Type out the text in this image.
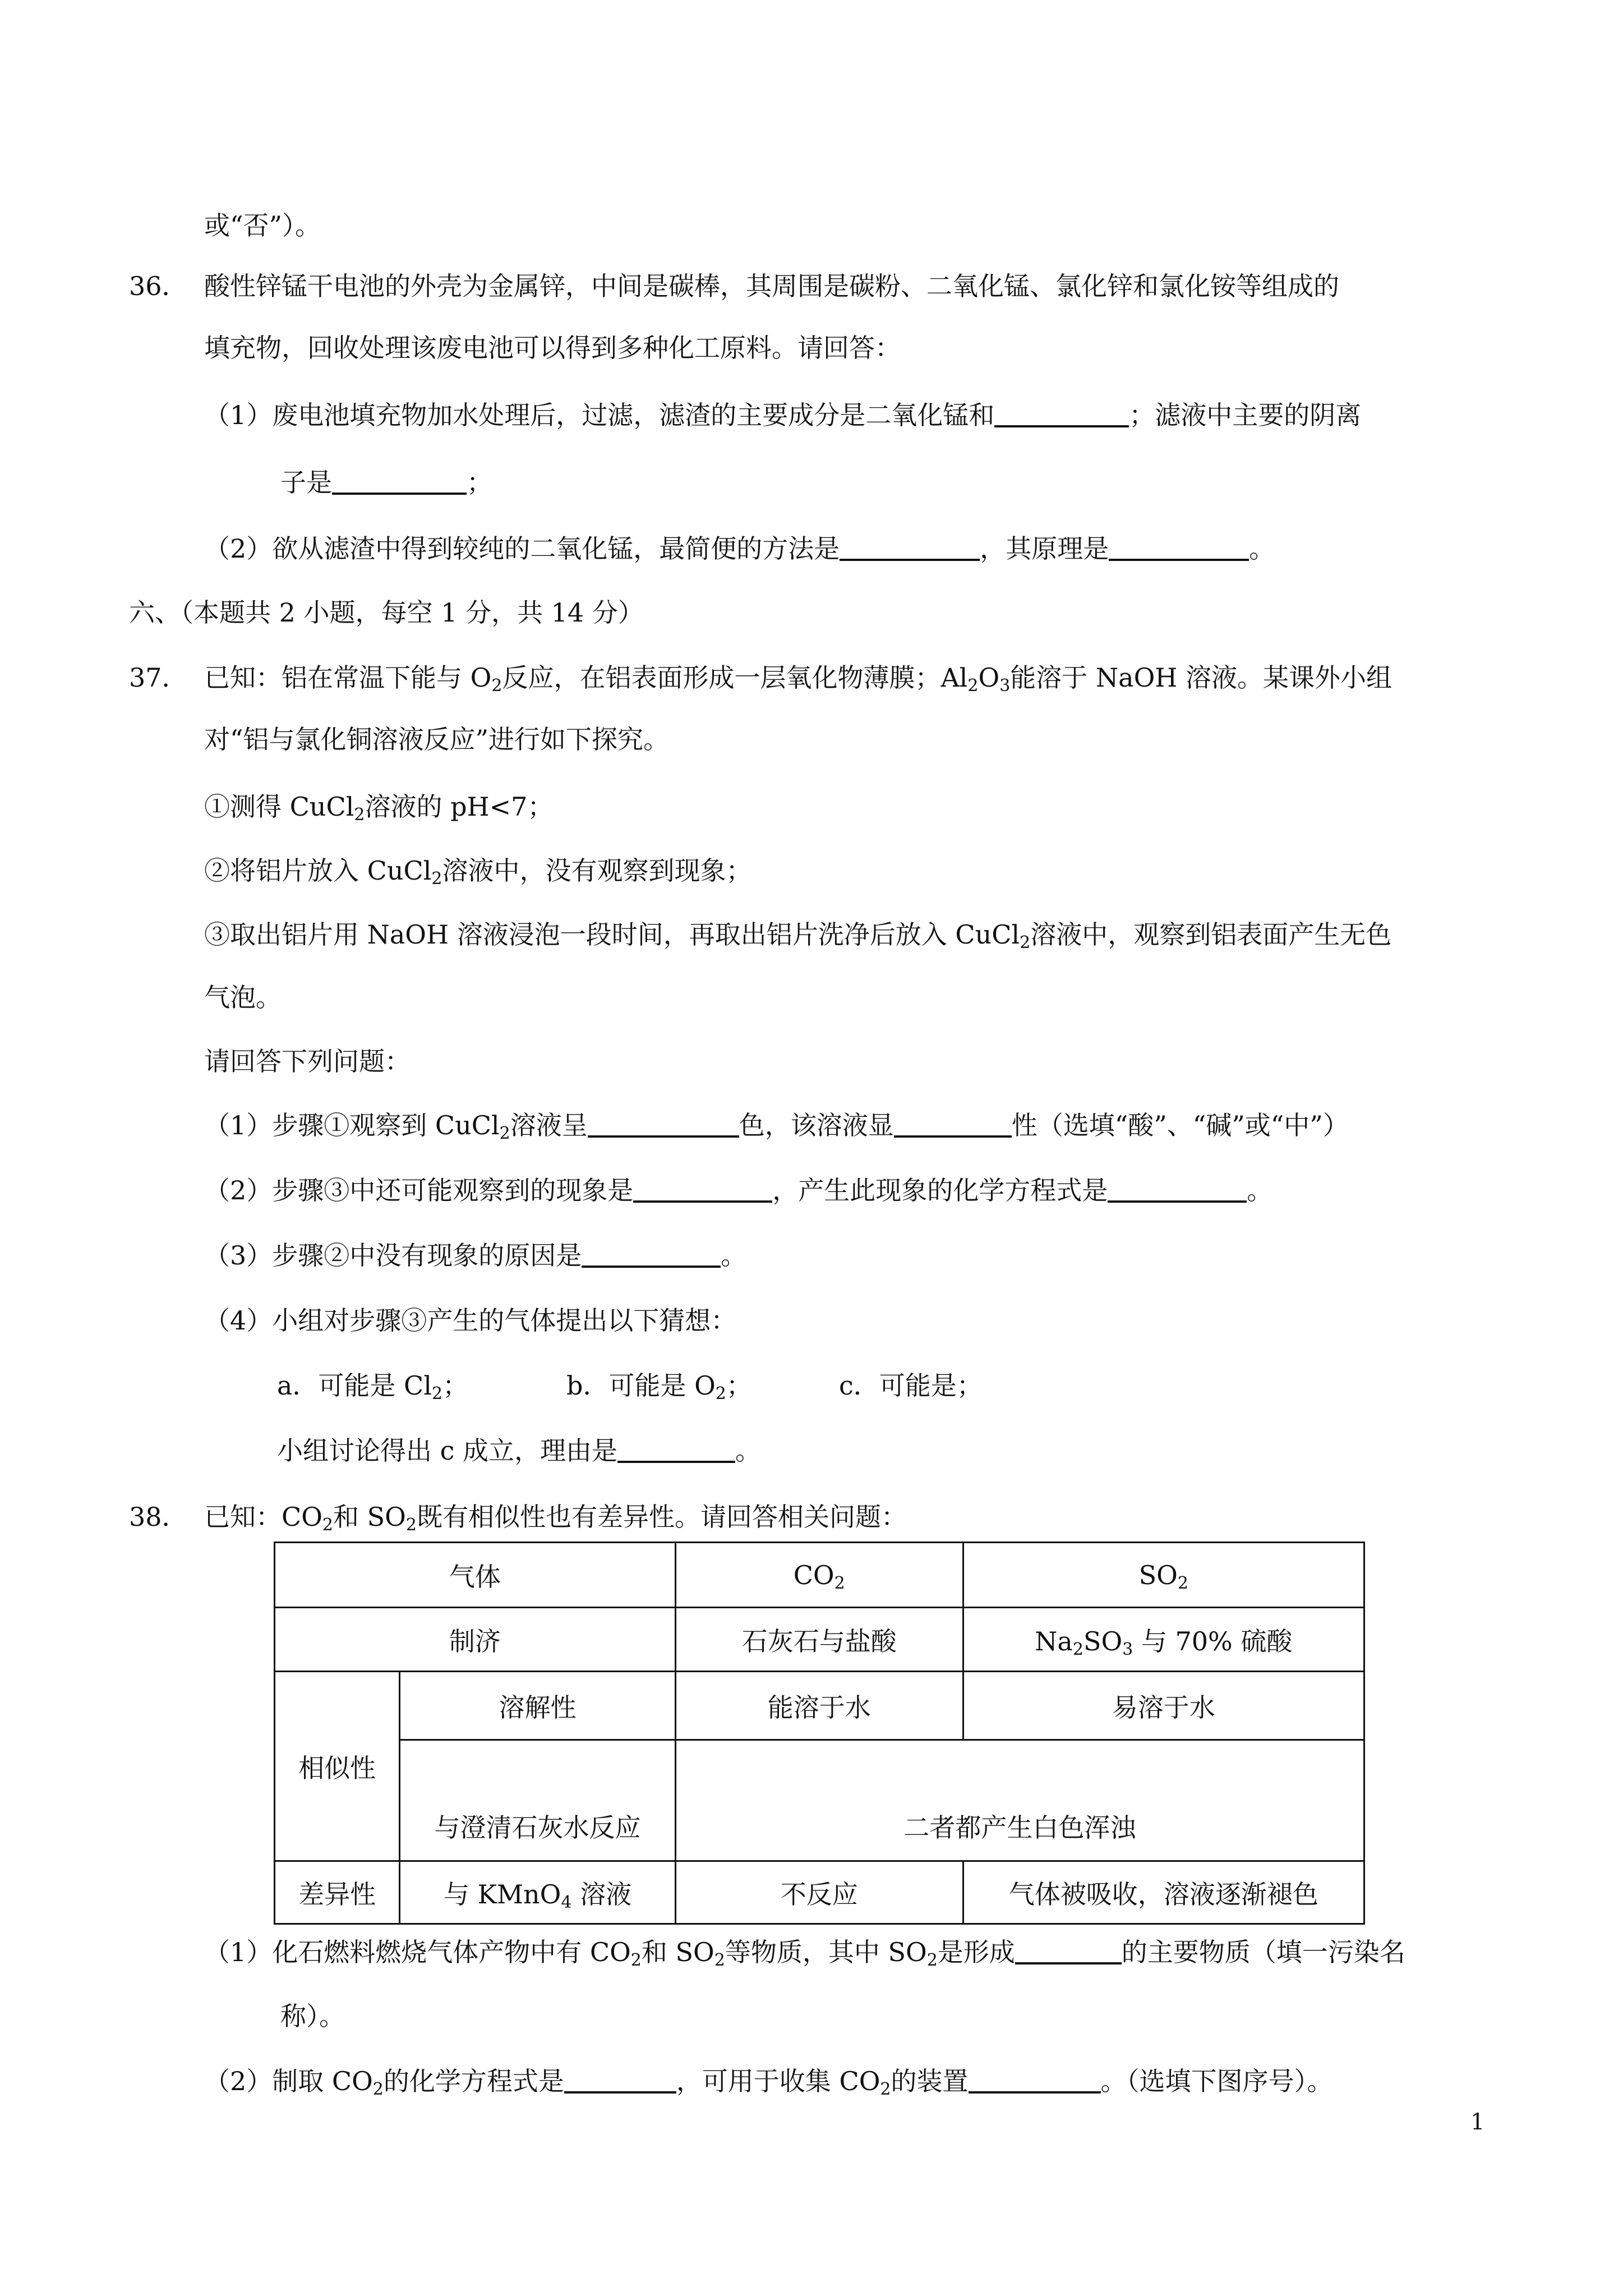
或“否”）。
36． 酸性锌锰干电池的外壳为金属锌，中间是碳棒，其周围是碳粉、二氧化锰、氯化锌和氯化铵等组成的
填充物，回收处理该废电池可以得到多种化工原料。请回答：
（1）废电池填充物加水处理后，过滤，滤渣的主要成分是二氧化锰和	；滤液中主要的阴离
子是	；
（2）欲从滤渣中得到较纯的二氧化锰，最简便的方法是	，其原理是	。
六、（本题共 2 小题，每空 1 分，共 14 分）
37． 已知：铝在常温下能与 $O_2$反应，在铝表面形成一层氧化物薄膜；$Al_2O_3$能溶于 NaOH 溶液。某课外小组
对“铝与氯化铜溶液反应”进行如下探究。
①测得 CuCl$_2$溶液的 pH<7；
②将铝片放入 CuCl$_2$溶液中，没有观察到现象；
③取出铝片用 NaOH 溶液浸泡一段时间，再取出铝片洗净后放入 CuCl$_2$溶液中，观察到铝表面产生无色
气泡。
请回答下列问题：
（1）步骤①观察到 CuCl$_2$溶液呈	色，该溶液显	性（选填“酸”、“碱”或“中”）
（2）步骤③中还可能观察到的现象是	，产生此现象的化学方程式是	。
（3）步骤②中没有现象的原因是	。
（4）小组对步骤③产生的气体提出以下猜想：
a．可能是 $Cl_2$；	b．可能是 $O_2$；	c．可能是；
小组讨论得出 c 成立，理由是	。
38． 已知：$CO_2$和 $SO_2$既有相似性也有差异性。请回答相关问题：
气体		$CO_2$	$SO_2$
制济		石灰石与盐酸	$Na_2SO_3$ 与 70% 硫酸
相似性	溶解性	能溶于水	易溶于水
	与澄清石灰水反应	二者都产生白色浑浊	
差异性	与 KMnO$_4$ 溶液	不反应	气体被吸收，溶液逐渐褪色
（1）化石燃料燃烧气体产物中有 $CO_2$和 $SO_2$等物质，其中 $SO_2$是形成	的主要物质（填一污染名
称）。
（2）制取 $CO_2$的化学方程式是	，可用于收集 $CO_2$的装置	。（选填下图序号）。
1
